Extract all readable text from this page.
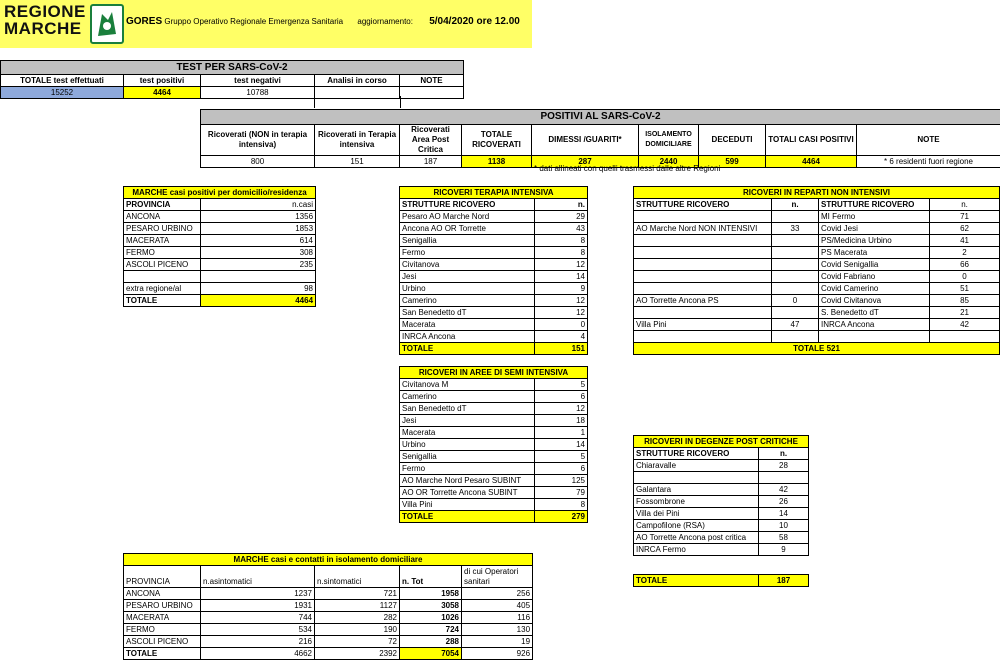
REGIONE
MARCHE	GORES Gruppo Operativo Regionale Emergenza Sanitaria aggiornamento: 5/04/2020 ore 12.00
TEST PER SARS-CoV-2				
TOTALE test effettuati	test positivi	test negativi	Analisi in corso	NOTE
15252	4464	10788		
POSITIVI AL SARS-CoV-2								
Ricoverati (NON in terapia intensiva)	Ricoverati in Terapia intensiva	Ricoverati Area Post Critica	TOTALE RICOVERATI	DIMESSI /GUARITI*	ISOLAMENTO DOMICILIARE	DECEDUTI	TOTALI CASI POSITIVI	NOTE
800	151	187	1138	287	2440	599	4464	* 6 residenti fuori regione
* dati allineati con quelli trasmessi dalle altre Regioni
MARCHE casi positivi per domicilio/residenza	
PROVINCIA	n.casi
ANCONA	1356
PESARO URBINO	1853
MACERATA	614
FERMO	308
ASCOLI PICENO	235

extra regione/al	98
TOTALE	4464
RICOVERI TERAPIA INTENSIVA	
STRUTTURE RICOVERO	n.
Pesaro AO Marche Nord	29
Ancona AO OR Torrette	43
Senigallia	8
Fermo	8
Civitanova	12
Jesi	14
Urbino	9
Camerino	12
San Benedetto dT	12
Macerata	0
INRCA Ancona	4
TOTALE	151

RICOVERI IN AREE DI SEMI INTENSIVA	
Civitanova M	5
Camerino	6
San Benedetto dT	12
Jesi	18
Macerata	1
Urbino	14
Senigallia	5
Fermo	6
AO Marche Nord Pesaro SUBINT	125
AO OR Torrette Ancona SUBINT	79
Villa Pini	8
TOTALE	279
RICOVERI IN REPARTI NON INTENSIVI			
STRUTTURE RICOVERO	n.	STRUTTURE RICOVERO	n.
		MI Fermo	71
AO Marche Nord NON INTENSIVI	33	Covid Jesi	62
		PS/Medicina Urbino	41
		PS Macerata	2
		Covid Senigallia	66
		Covid Fabriano	0
		Covid Camerino	51
AO Torrette Ancona PS	0	Covid Civitanova	85
		S. Benedetto dT	21
Villa Pini	47	INRCA Ancona	42

TOTALE 521			
RICOVERI IN DEGENZE POST CRITICHE	
STRUTTURE RICOVERO	n.
Chiaravalle	28

Galantara	42
Fossombrone	26
Villa dei Pini	14
Campofilone (RSA)	10
AO Torrette Ancona post critica	58
INRCA Fermo	9

TOTALE	187
MARCHE casi e contatti in isolamento domiciliare				
PROVINCIA	n.asintomatici	n.sintomatici	n. Tot	di cui Operatori sanitari
ANCONA	1237	721	1958	256
PESARO URBINO	1931	1127	3058	405
MACERATA	744	282	1026	116
FERMO	534	190	724	130
ASCOLI PICENO	216	72	288	19
TOTALE	4662	2392	7054	926
